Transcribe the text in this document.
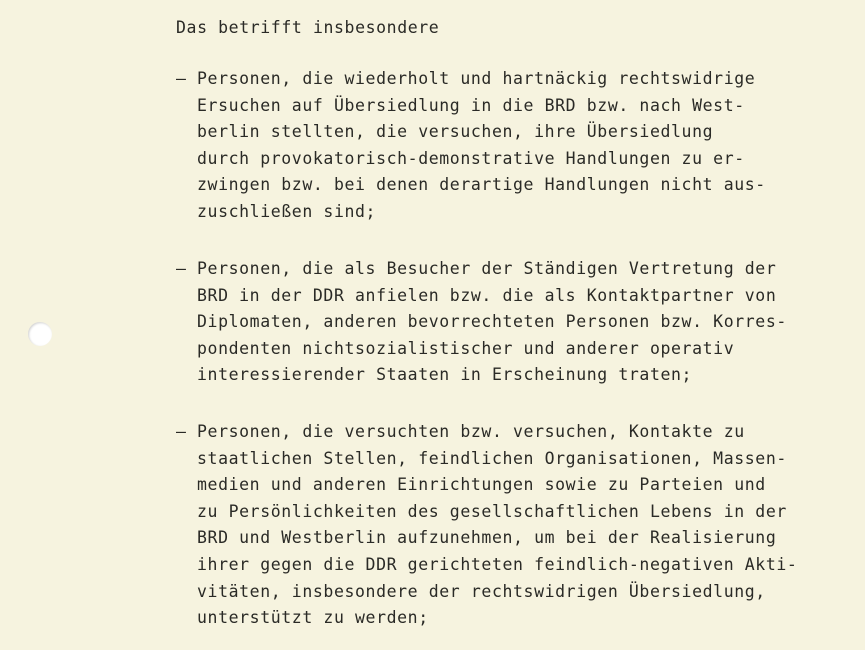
Das betrifft insbesondere
– Personen, die wiederholt und hartnäckig rechtswidrige
Ersuchen auf Übersiedlung in die BRD bzw. nach West-
berlin stellten, die versuchen, ihre Übersiedlung
durch provokatorisch-demonstrative Handlungen zu er-
zwingen bzw. bei denen derartige Handlungen nicht aus-
zuschließen sind;
– Personen, die als Besucher der Ständigen Vertretung der
BRD in der DDR anfielen bzw. die als Kontaktpartner von
Diplomaten, anderen bevorrechteten Personen bzw. Korres-
pondenten nichtsozialistischer und anderer operativ
interessierender Staaten in Erscheinung traten;
– Personen, die versuchten bzw. versuchen, Kontakte zu
staatlichen Stellen, feindlichen Organisationen, Massen-
medien und anderen Einrichtungen sowie zu Parteien und
zu Persönlichkeiten des gesellschaftlichen Lebens in der
BRD und Westberlin aufzunehmen, um bei der Realisierung
ihrer gegen die DDR gerichteten feindlich-negativen Akti-
vitäten, insbesondere der rechtswidrigen Übersiedlung,
unterstützt zu werden;
